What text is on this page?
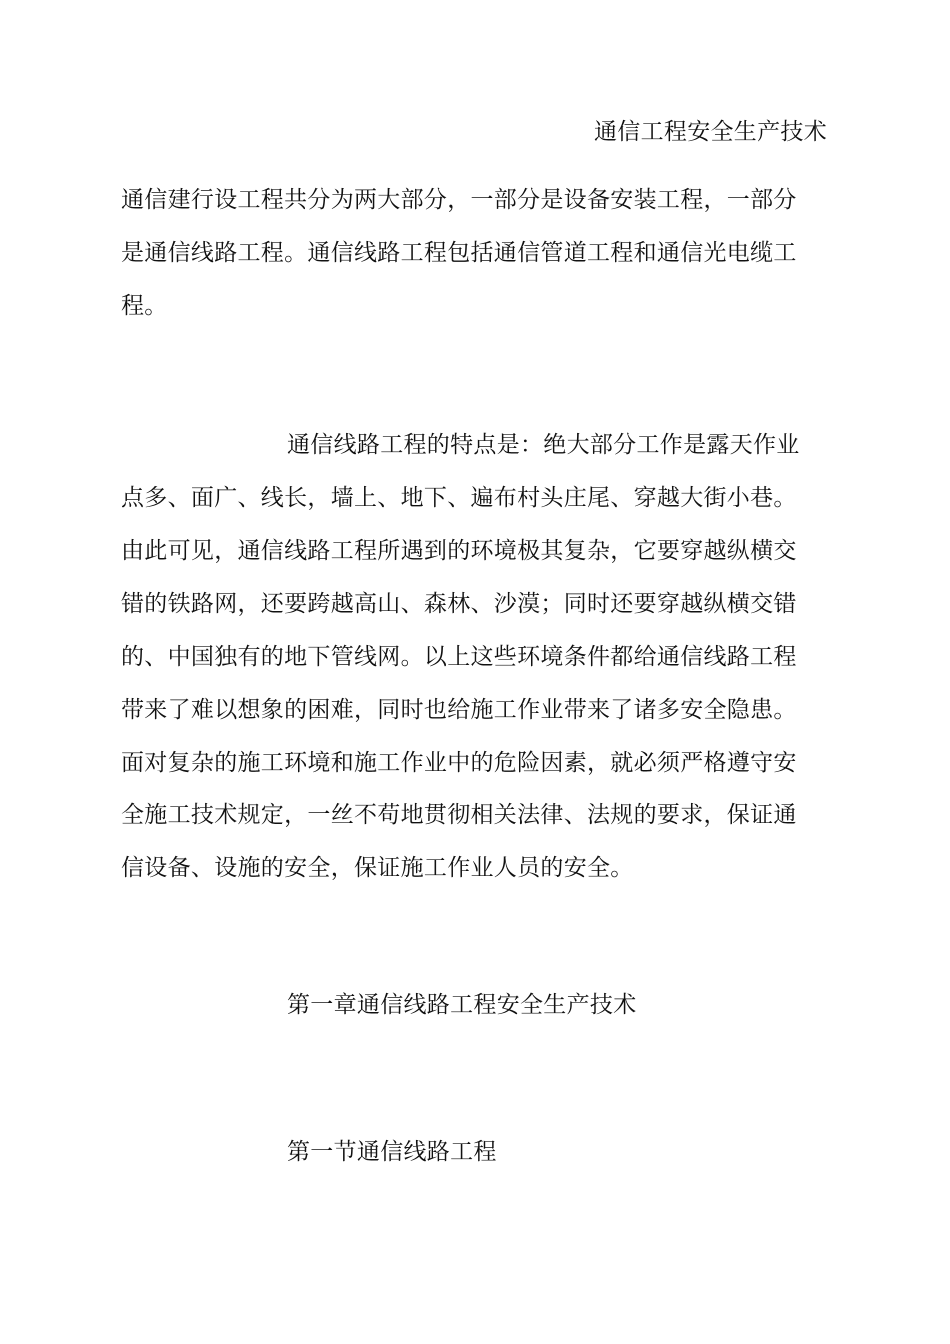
通信工程安全生产技术
通信建行设工程共分为两大部分，一部分是设备安装工程，一部分
是通信线路工程。通信线路工程包括通信管道工程和通信光电缆工
程。
通信线路工程的特点是：绝大部分工作是露天作业
点多、面广、线长，墙上、地下、遍布村头庄尾、穿越大街小巷。
由此可见，通信线路工程所遇到的环境极其复杂，它要穿越纵横交
错的铁路网，还要跨越高山、森林、沙漠；同时还要穿越纵横交错
的、中国独有的地下管线网。以上这些环境条件都给通信线路工程
带来了难以想象的困难，同时也给施工作业带来了诸多安全隐患。
面对复杂的施工环境和施工作业中的危险因素，就必须严格遵守安
全施工技术规定，一丝不苟地贯彻相关法律、法规的要求，保证通
信设备、设施的安全，保证施工作业人员的安全。
第一章通信线路工程安全生产技术
第一节通信线路工程
